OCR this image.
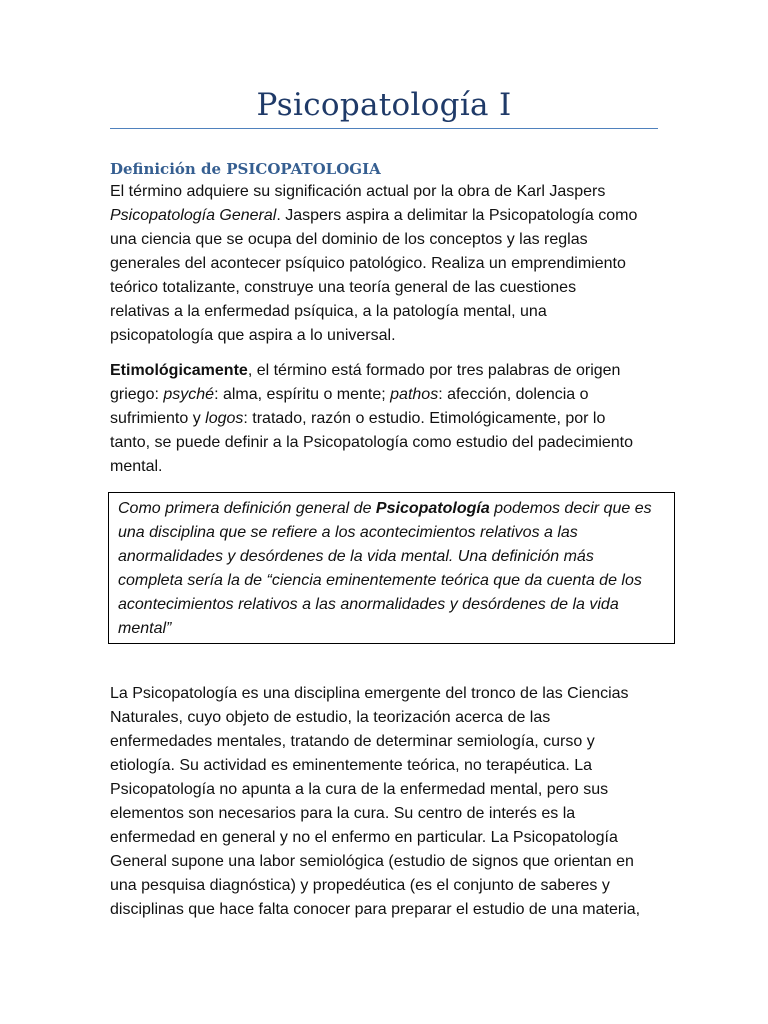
Psicopatología I
Definición de PSICOPATOLOGIA
El término adquiere su significación actual por la obra de Karl Jaspers
Psicopatología General. Jaspers aspira a delimitar la Psicopatología como
una ciencia que se ocupa del dominio de los conceptos y las reglas
generales del acontecer psíquico patológico. Realiza un emprendimiento
teórico totalizante, construye una teoría general de las cuestiones
relativas a la enfermedad psíquica, a la patología mental, una
psicopatología que aspira a lo universal.
Etimológicamente, el término está formado por tres palabras de origen
griego: psyché: alma, espíritu o mente; pathos: afección, dolencia o
sufrimiento y logos: tratado, razón o estudio. Etimológicamente, por lo
tanto, se puede definir a la Psicopatología como estudio del padecimiento
mental.
Como primera definición general de Psicopatología podemos decir que es
una disciplina que se refiere a los acontecimientos relativos a las
anormalidades y desórdenes de la vida mental. Una definición más
completa sería la de “ciencia eminentemente teórica que da cuenta de los
acontecimientos relativos a las anormalidades y desórdenes de la vida
mental”
La Psicopatología es una disciplina emergente del tronco de las Ciencias
Naturales, cuyo objeto de estudio, la teorización acerca de las
enfermedades mentales, tratando de determinar semiología, curso y
etiología. Su actividad es eminentemente teórica, no terapéutica. La
Psicopatología no apunta a la cura de la enfermedad mental, pero sus
elementos son necesarios para la cura. Su centro de interés es la
enfermedad en general y no el enfermo en particular. La Psicopatología
General supone una labor semiológica (estudio de signos que orientan en
una pesquisa diagnóstica) y propedéutica (es el conjunto de saberes y
disciplinas que hace falta conocer para preparar el estudio de una materia,
